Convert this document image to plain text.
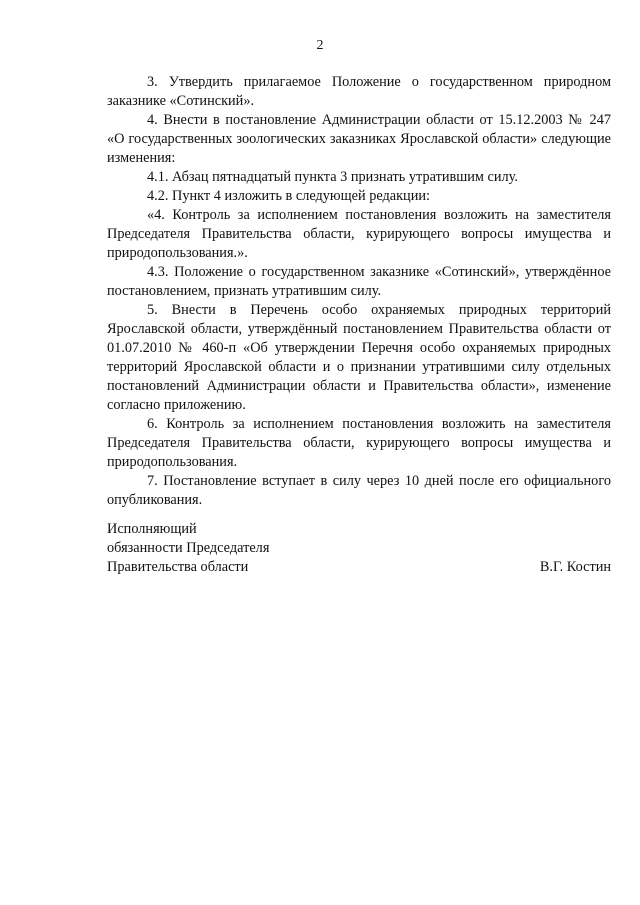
2

3. Утвердить прилагаемое Положение о государственном природном заказнике «Сотинский».

4. Внести в постановление Администрации области от 15.12.2003 № 247 «О государственных зоологических заказниках Ярославской области» следующие изменения:

4.1. Абзац пятнадцатый пункта 3 признать утратившим силу.

4.2. Пункт 4 изложить в следующей редакции:

«4. Контроль за исполнением постановления возложить на заместителя Председателя Правительства области, курирующего вопросы имущества и природопользования.».

4.3. Положение о государственном заказнике «Сотинский», утверждённое постановлением, признать утратившим силу.

5. Внести в Перечень особо охраняемых природных территорий Ярославской области, утверждённый постановлением Правительства области от 01.07.2010 № 460-п «Об утверждении Перечня особо охраняемых природных территорий Ярославской области и о признании утратившими силу отдельных постановлений Администрации области и Правительства области», изменение согласно приложению.

6. Контроль за исполнением постановления возложить на заместителя Председателя Правительства области, курирующего вопросы имущества и природопользования.

7. Постановление вступает в силу через 10 дней после его официального опубликования.

Исполняющий
обязанности Председателя
Правительства области	В.Г. Костин
